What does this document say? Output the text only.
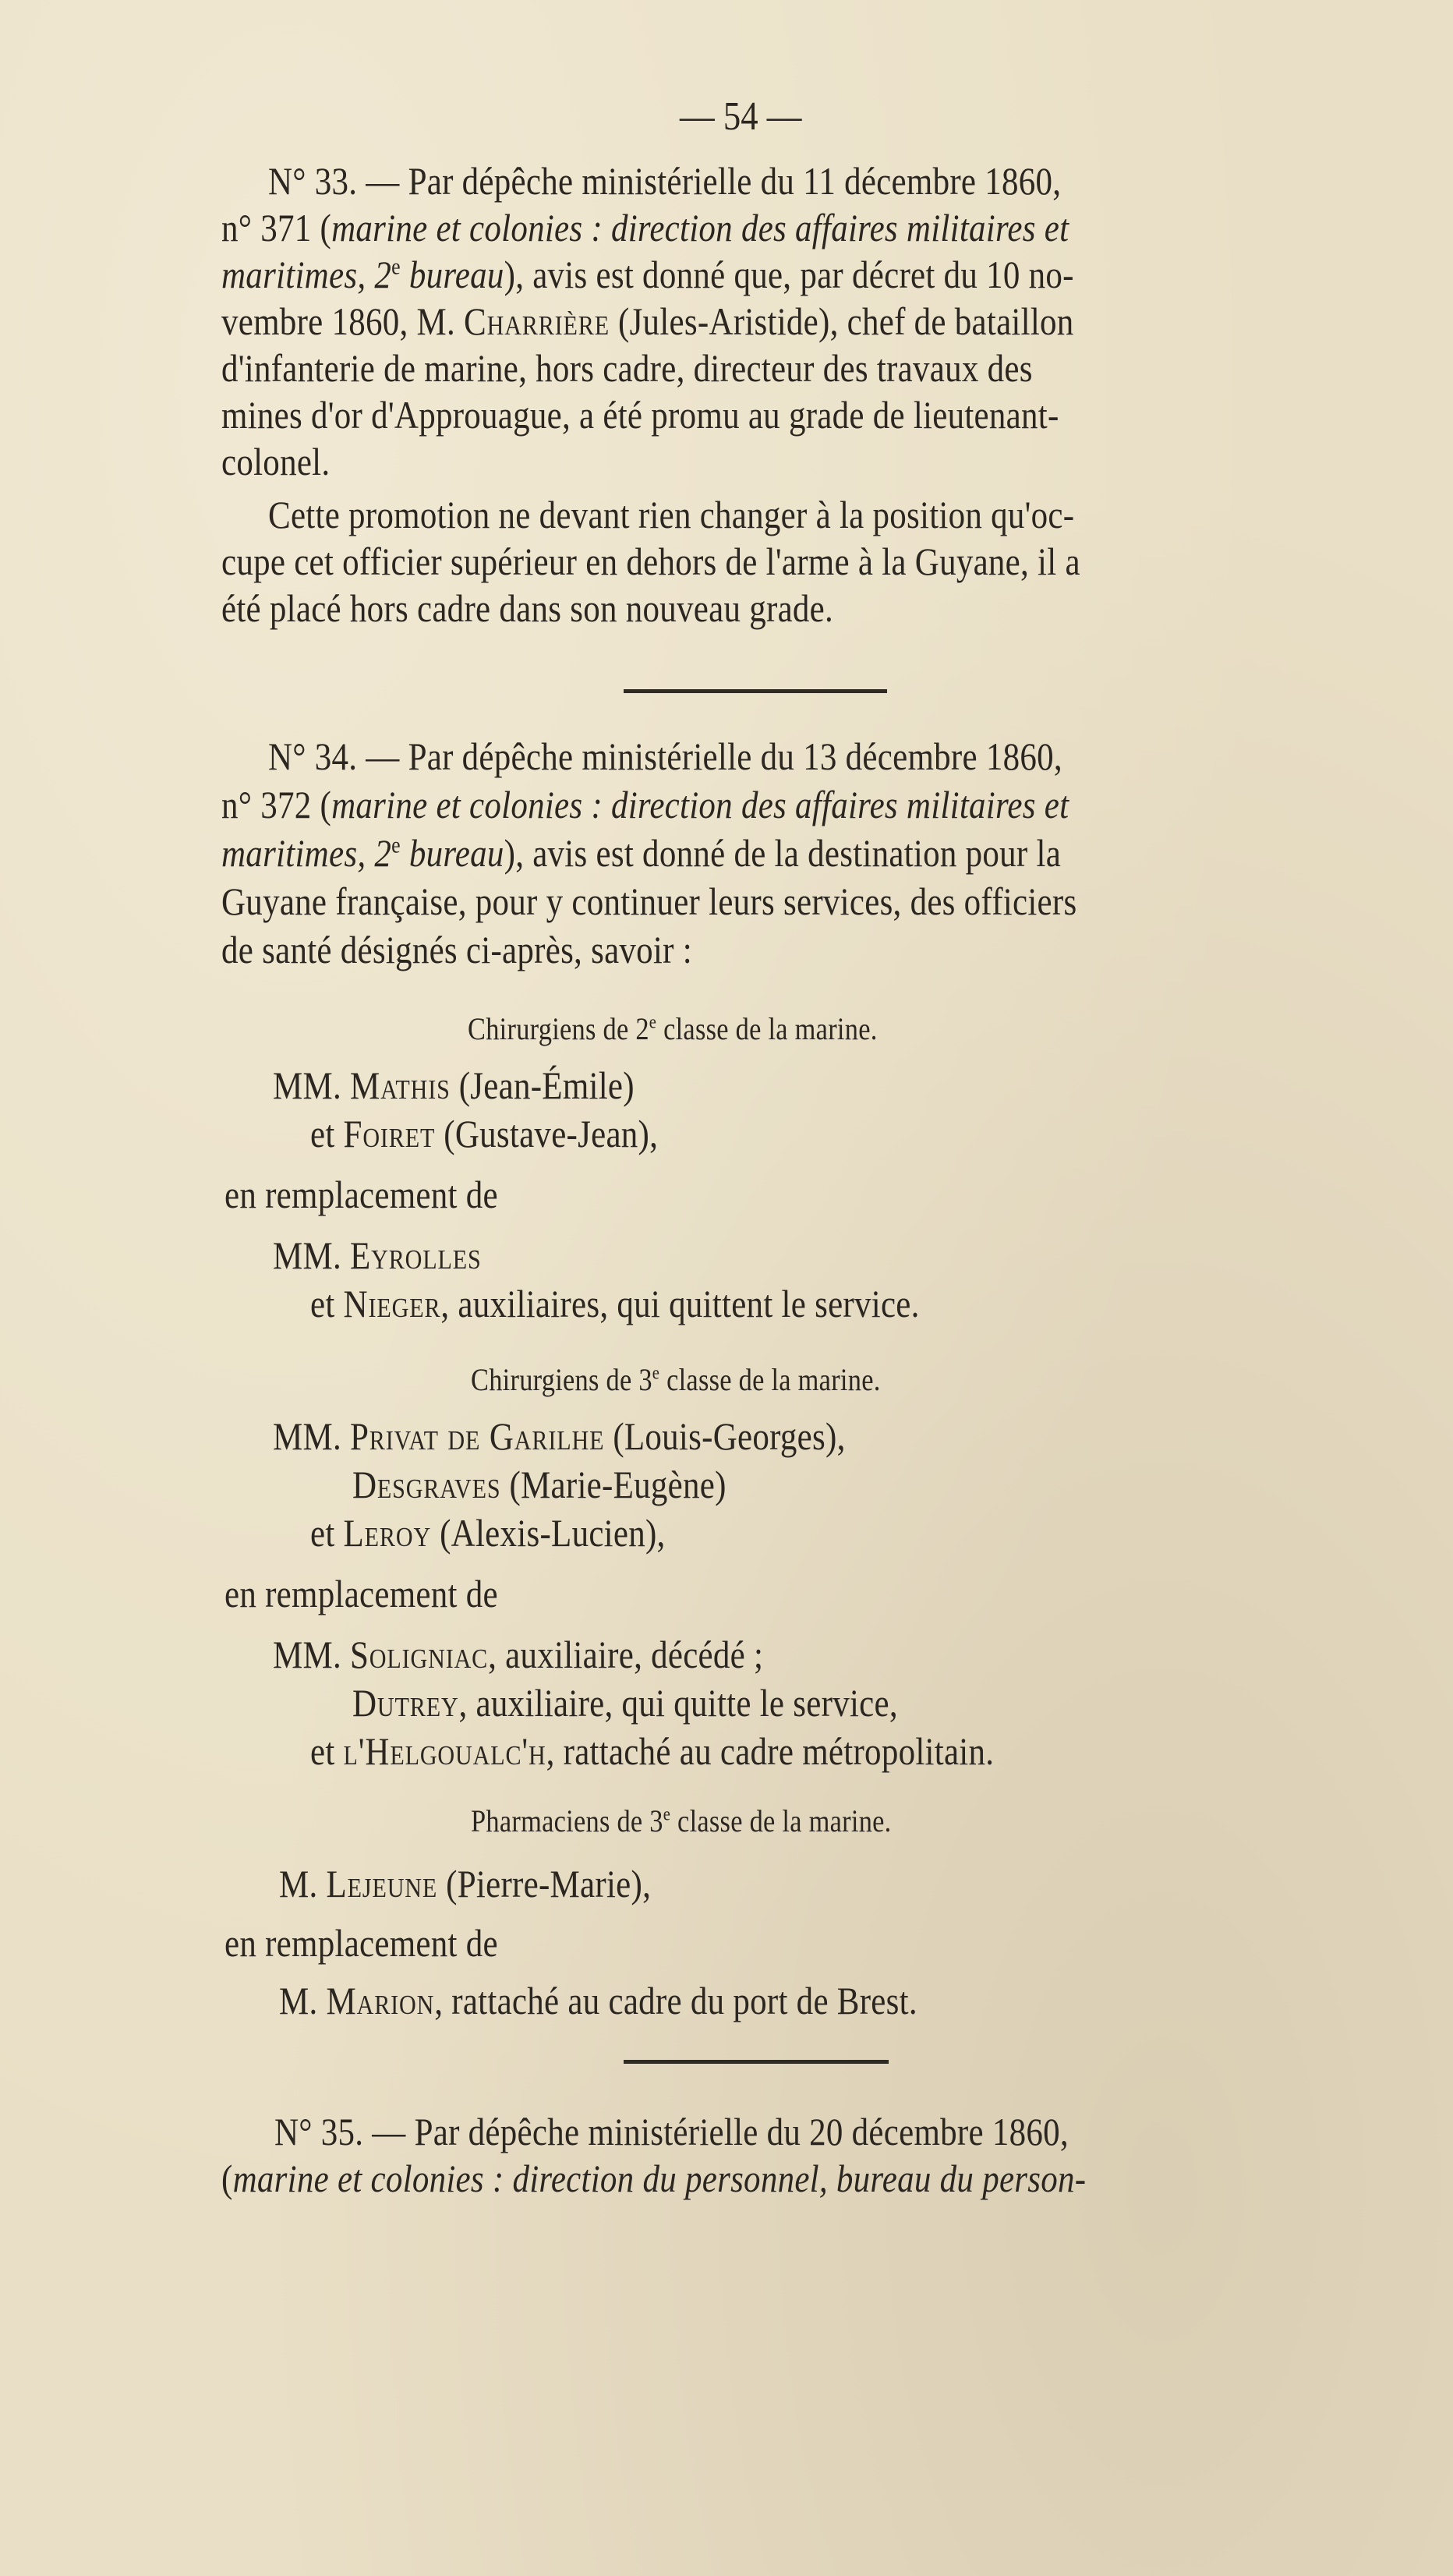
— 54 —
N° 33. — Par dépêche ministérielle du 11 décembre 1860,
n° 371 (marine et colonies : direction des affaires militaires et
maritimes, 2e bureau), avis est donné que, par décret du 10 no-
vembre 1860, M. Charrière (Jules-Aristide), chef de bataillon
d'infanterie de marine, hors cadre, directeur des travaux des
mines d'or d'Approuague, a été promu au grade de lieutenant-
colonel.
Cette promotion ne devant rien changer à la position qu'oc-
cupe cet officier supérieur en dehors de l'arme à la Guyane, il a
été placé hors cadre dans son nouveau grade.
N° 34. — Par dépêche ministérielle du 13 décembre 1860,
n° 372 (marine et colonies : direction des affaires militaires et
maritimes, 2e bureau), avis est donné de la destination pour la
Guyane française, pour y continuer leurs services, des officiers
de santé désignés ci-après, savoir :
Chirurgiens de 2e classe de la marine.
MM. Mathis (Jean-Émile)
et Foiret (Gustave-Jean),
en remplacement de
MM. Eyrolles
et Nieger, auxiliaires, qui quittent le service.
Chirurgiens de 3e classe de la marine.
MM. Privat de Garilhe (Louis-Georges),
Desgraves (Marie-Eugène)
et Leroy (Alexis-Lucien),
en remplacement de
MM. Soligniac, auxiliaire, décédé ;
Dutrey, auxiliaire, qui quitte le service,
et l'Helgoualc'h, rattaché au cadre métropolitain.
Pharmaciens de 3e classe de la marine.
M. Lejeune (Pierre-Marie),
en remplacement de
M. Marion, rattaché au cadre du port de Brest.
N° 35. — Par dépêche ministérielle du 20 décembre 1860,
(marine et colonies : direction du personnel, bureau du person-
